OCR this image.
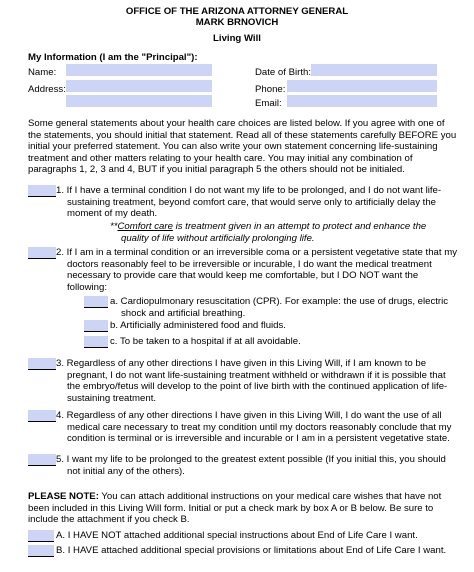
OFFICE OF THE ARIZONA ATTORNEY GENERAL
MARK BRNOVICH
Living Will
My Information (I am the "Principal"):
Name:
Address:
Date of Birth:
Phone:
Email:
Some general statements about your health care choices are listed below. If you agree with one of
the statements, you should initial that statement. Read all of these statements carefully BEFORE you
initial your preferred statement. You can also write your own statement concerning life-sustaining
treatment and other matters relating to your health care. You may initial any combination of
paragraphs 1, 2, 3 and 4, BUT if you initial paragraph 5 the others should not be initialed.
1. If I have a terminal condition I do not want my life to be prolonged, and I do not want life-
sustaining treatment, beyond comfort care, that would serve only to artificially delay the
moment of my death.
**Comfort care is treatment given in an attempt to protect and enhance the
quality of life without artificially prolonging life.
2. If I am in a terminal condition or an irreversible coma or a persistent vegetative state that my
doctors reasonably feel to be irreversible or incurable, I do want the medical treatment
necessary to provide care that would keep me comfortable, but I DO NOT want the
following:
a. Cardiopulmonary resuscitation (CPR). For example: the use of drugs, electric
shock and artificial breathing.
b. Artificially administered food and fluids.
c. To be taken to a hospital if at all avoidable.
3. Regardless of any other directions I have given in this Living Will, if I am known to be
pregnant, I do not want life-sustaining treatment withheld or withdrawn if it is possible that
the embryo/fetus will develop to the point of live birth with the continued application of life-
sustaining treatment.
4. Regardless of any other directions I have given in this Living Will, I do want the use of all
medical care necessary to treat my condition until my doctors reasonably conclude that my
condition is terminal or is irreversible and incurable or I am in a persistent vegetative state.
5. I want my life to be prolonged to the greatest extent possible (If you initial this, you should
not initial any of the others).
PLEASE NOTE: You can attach additional instructions on your medical care wishes that have not
been included in this Living Will form. Initial or put a check mark by box A or B below. Be sure to
include the attachment if you check B.
A. I HAVE NOT attached additional special instructions about End of Life Care I want.
B. I HAVE attached additional special provisions or limitations about End of Life Care I want.
